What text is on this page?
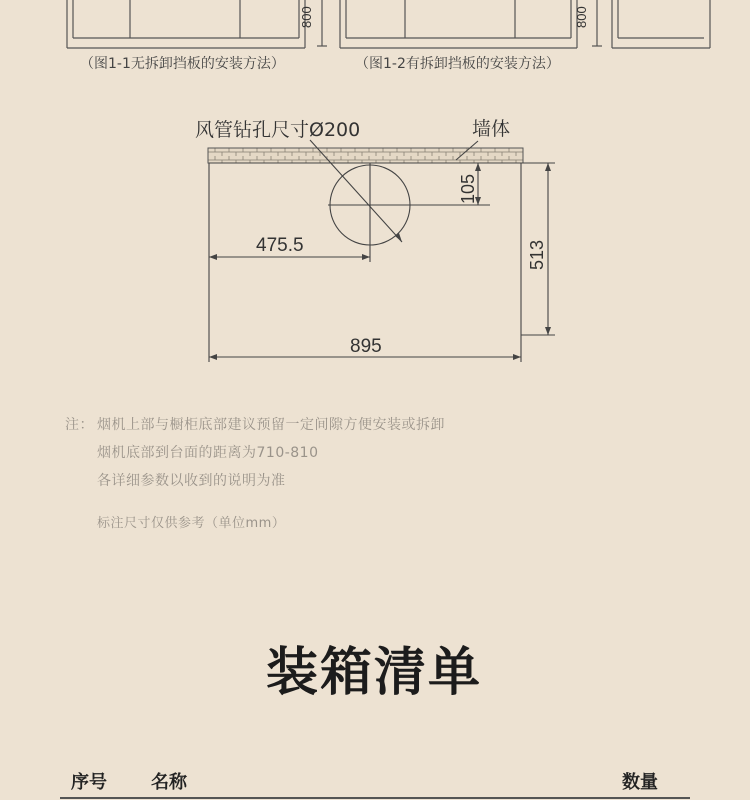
800	800
（图1-1无拆卸挡板的安装方法）	（图1-2有拆卸挡板的安装方法）
风管钻孔尺寸Ø200	墙体
105
475.5	513
895
注： 烟机上部与橱柜底部建议预留一定间隙方便安装或拆卸
烟机底部到台面的距离为710-810
各详细参数以收到的说明为准
标注尺寸仅供参考（单位mm）
装箱清单
序号 名称	数量
